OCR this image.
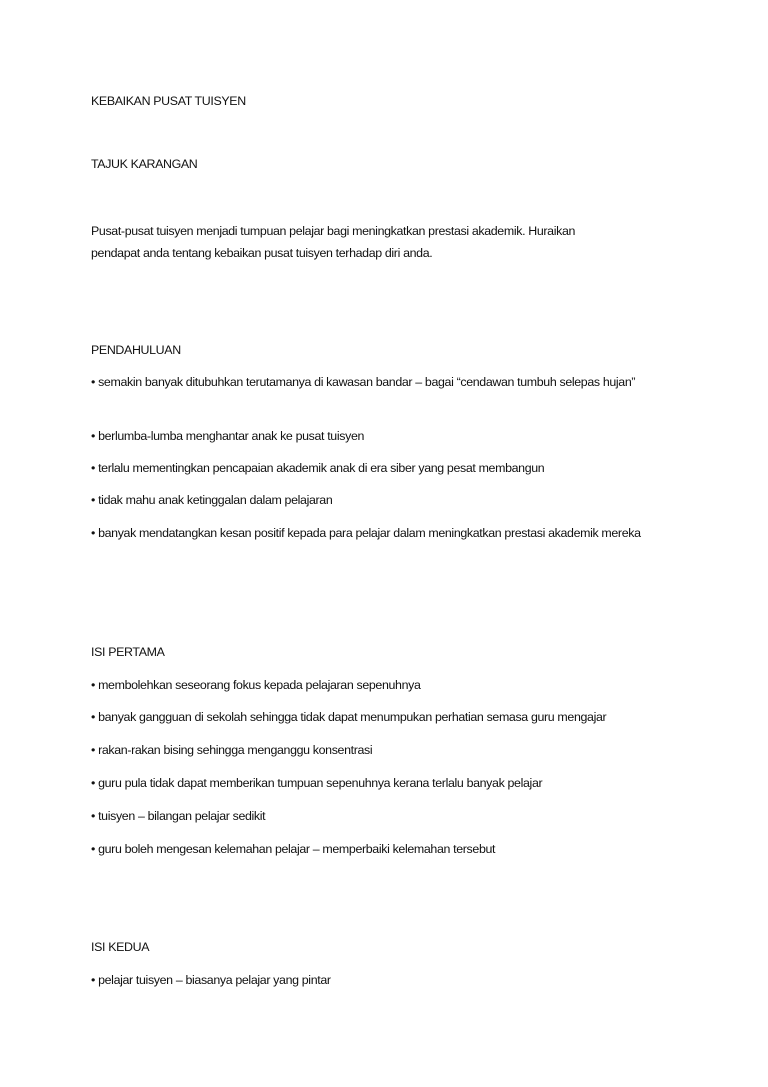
KEBAIKAN PUSAT TUISYEN
TAJUK KARANGAN
Pusat-pusat tuisyen menjadi tumpuan pelajar bagi meningkatkan prestasi akademik. Huraikan
pendapat anda tentang kebaikan pusat tuisyen terhadap diri anda.
PENDAHULUAN
• semakin banyak ditubuhkan terutamanya di kawasan bandar – bagai “cendawan tumbuh selepas hujan”
• berlumba-lumba menghantar anak ke pusat tuisyen
• terlalu mementingkan pencapaian akademik anak di era siber yang pesat membangun
• tidak mahu anak ketinggalan dalam pelajaran
• banyak mendatangkan kesan positif kepada para pelajar dalam meningkatkan prestasi akademik mereka
ISI PERTAMA
• membolehkan seseorang fokus kepada pelajaran sepenuhnya
• banyak gangguan di sekolah sehingga tidak dapat menumpukan perhatian semasa guru mengajar
• rakan-rakan bising sehingga menganggu konsentrasi
• guru pula tidak dapat memberikan tumpuan sepenuhnya kerana terlalu banyak pelajar
• tuisyen – bilangan pelajar sedikit
• guru boleh mengesan kelemahan pelajar – memperbaiki kelemahan tersebut
ISI KEDUA
• pelajar tuisyen – biasanya pelajar yang pintar
